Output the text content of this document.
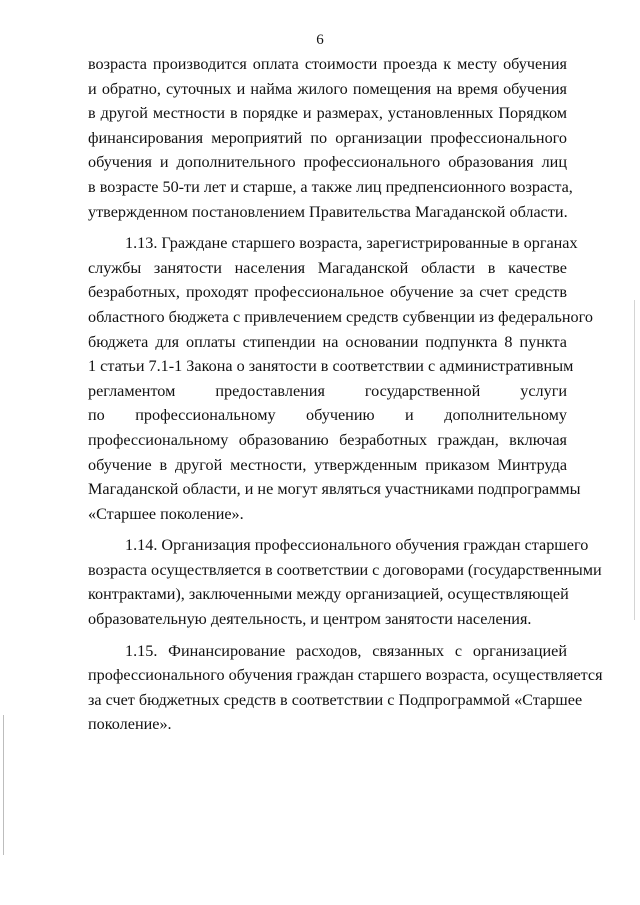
6
возраста производится оплата стоимости проезда к месту обучения
и обратно, суточных и найма жилого помещения на время обучения
в другой местности в порядке и размерах, установленных Порядком
финансирования мероприятий по организации профессионального
обучения и дополнительного профессионального образования лиц
в возрасте 50-ти лет и старше, а также лиц предпенсионного возраста,
утвержденном постановлением Правительства Магаданской области.
1.13. Граждане старшего возраста, зарегистрированные в органах
службы занятости населения Магаданской области в качестве
безработных, проходят профессиональное обучение за счет средств
областного бюджета с привлечением средств субвенции из федерального
бюджета для оплаты стипендии на основании подпункта 8 пункта
1 статьи 7.1-1 Закона о занятости в соответствии с административным
регламентом предоставления государственной услуги
по профессиональному обучению и дополнительному
профессиональному образованию безработных граждан, включая
обучение в другой местности, утвержденным приказом Минтруда
Магаданской области, и не могут являться участниками подпрограммы
«Старшее поколение».
1.14. Организация профессионального обучения граждан старшего
возраста осуществляется в соответствии с договорами (государственными
контрактами), заключенными между организацией, осуществляющей
образовательную деятельность, и центром занятости населения.
1.15. Финансирование расходов, связанных с организацией
профессионального обучения граждан старшего возраста, осуществляется
за счет бюджетных средств в соответствии с Подпрограммой «Старшее
поколение».
